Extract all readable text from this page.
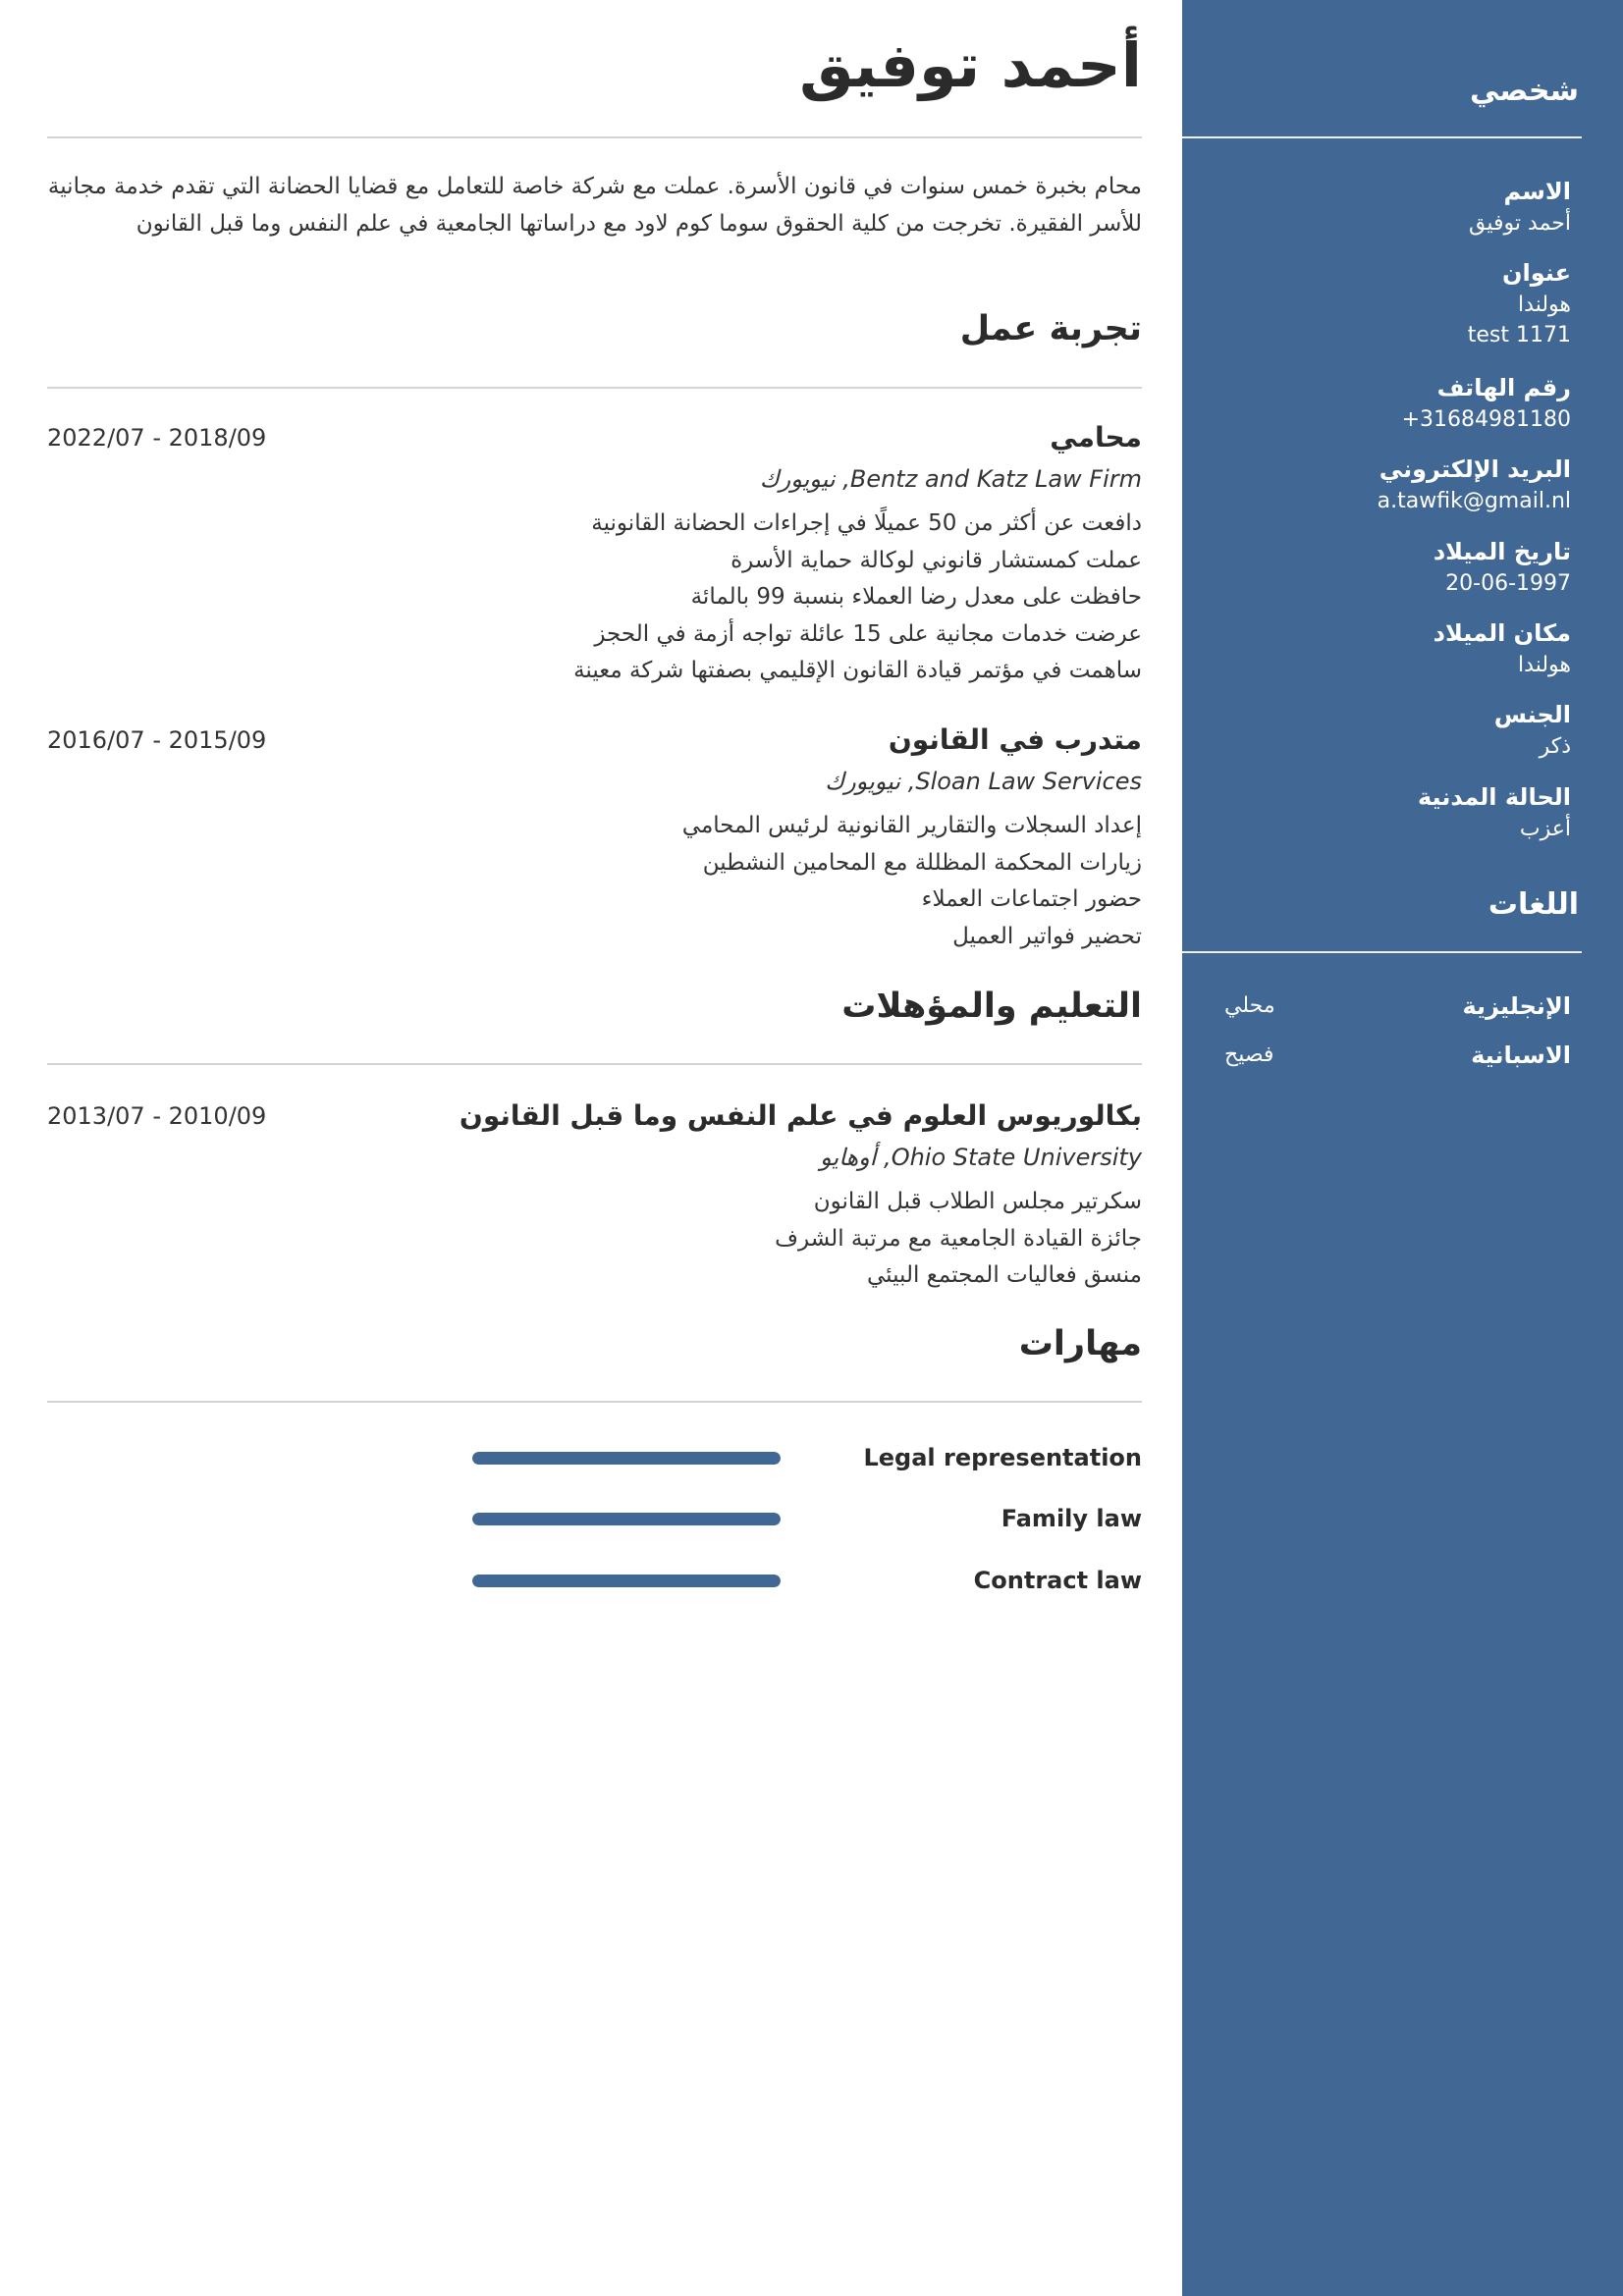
أحمد توفيق

محام بخبرة خمس سنوات في قانون الأسرة. عملت مع شركة خاصة للتعامل مع قضايا الحضانة التي تقدم خدمة مجانية للأسر الفقيرة. تخرجت من كلية الحقوق سوما كوم لاود مع دراساتها الجامعية في علم النفس وما قبل القانون

تجربة عمل
2022/07 - 2018/09	محامي
Bentz and Katz Law Firm, نيويورك
دافعت عن أكثر من 50 عميلًا في إجراءات الحضانة القانونية
عملت كمستشار قانوني لوكالة حماية الأسرة
حافظت على معدل رضا العملاء بنسبة 99 بالمائة
عرضت خدمات مجانية على 15 عائلة تواجه أزمة في الحجز
ساهمت في مؤتمر قيادة القانون الإقليمي بصفتها شركة معينة
2016/07 - 2015/09	متدرب في القانون
Sloan Law Services, نيويورك
إعداد السجلات والتقارير القانونية لرئيس المحامي
زيارات المحكمة المظللة مع المحامين النشطين
حضور اجتماعات العملاء
تحضير فواتير العميل
التعليم والمؤهلات
2013/07 - 2010/09	بكالوريوس العلوم في علم النفس وما قبل القانون
Ohio State University, أوهايو
سكرتير مجلس الطلاب قبل القانون
جائزة القيادة الجامعية مع مرتبة الشرف
منسق فعاليات المجتمع البيئي
مهارات
Legal representation
Family law
Contract law
شخصي
الاسم
أحمد توفيق
عنوان
هولندا
test 1171
رقم الهاتف
+31684981180
البريد الإلكتروني
a.tawfik@gmail.nl
تاريخ الميلاد
20-06-1997
مكان الميلاد
هولندا
الجنس
ذكر
الحالة المدنية
أعزب
اللغات
الإنجليزية
محلي
الاسبانية
فصيح
